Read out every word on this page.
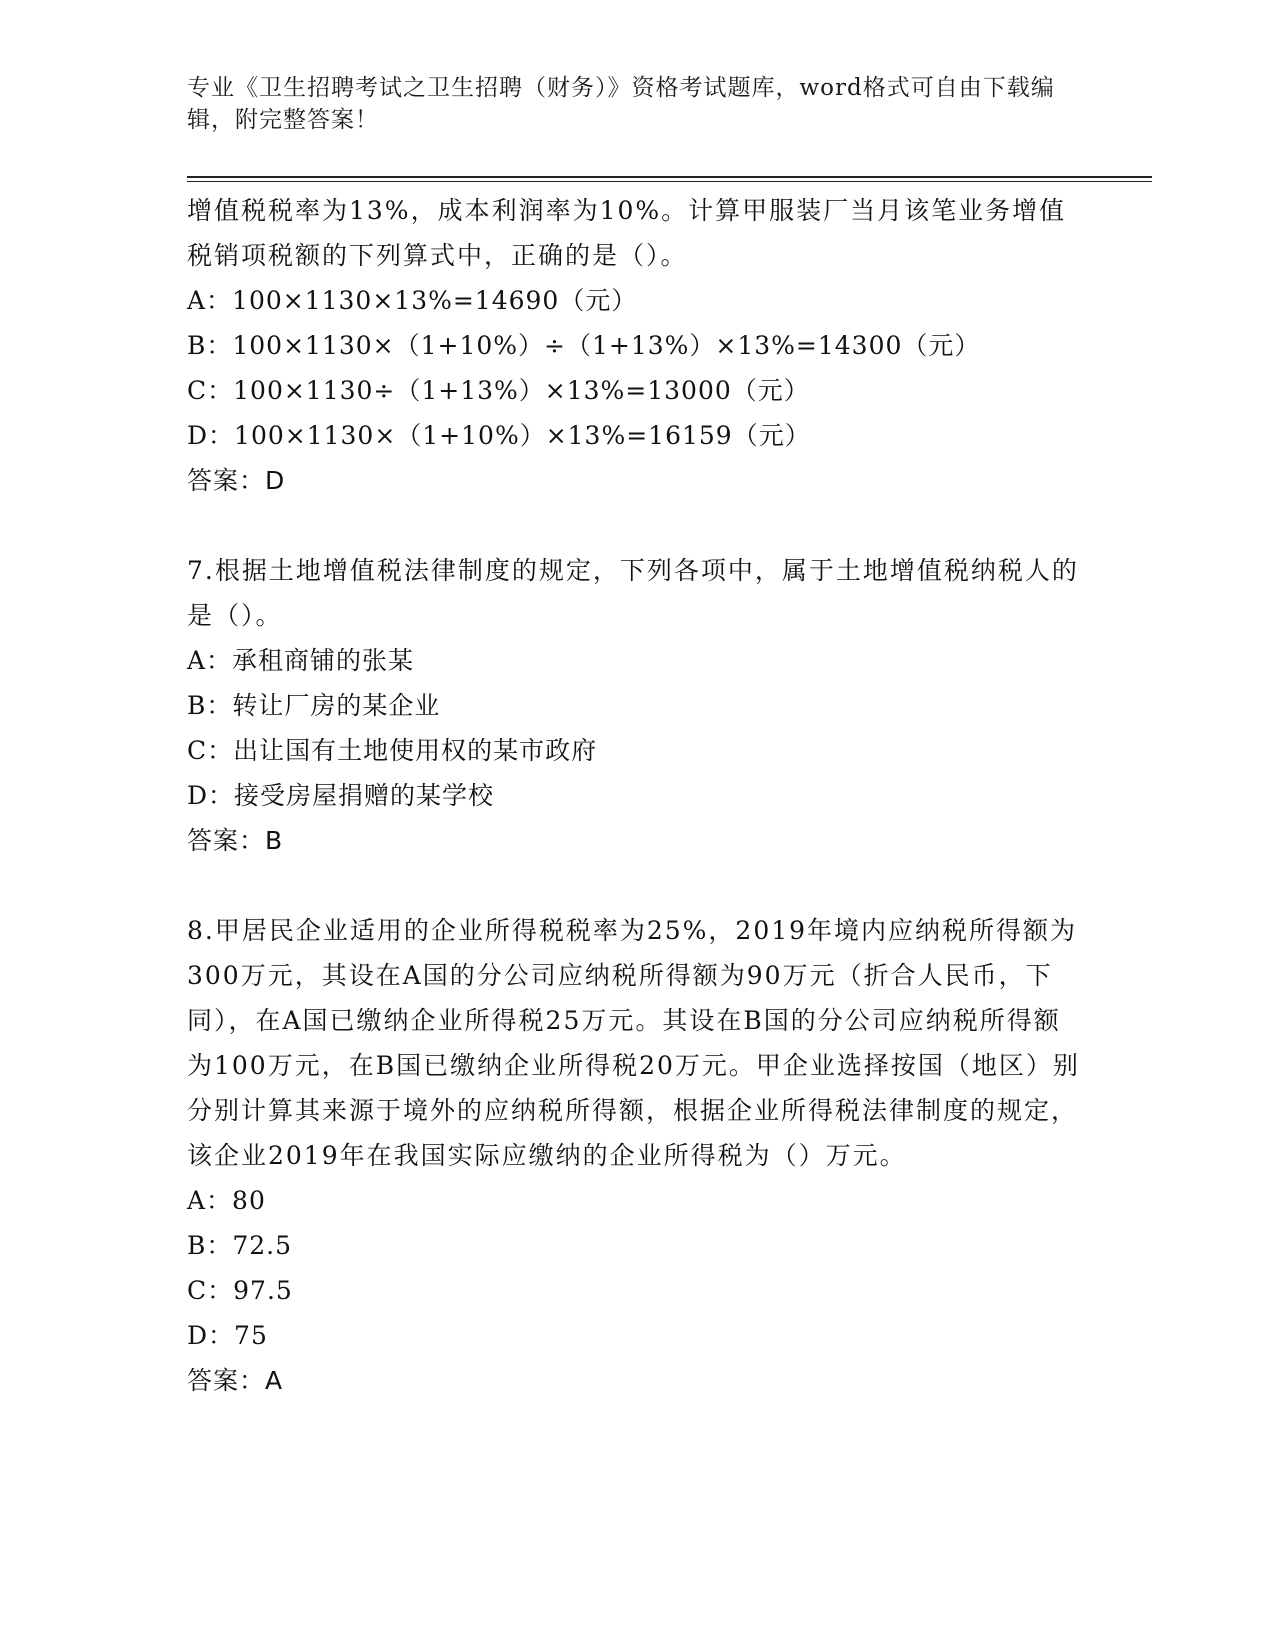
专业《卫生招聘考试之卫生招聘（财务）》资格考试题库，word格式可自由下载编辑，附完整答案！

增值税税率为13%，成本利润率为10%。计算甲服装厂当月该笔业务增值税销项税额的下列算式中，正确的是（）。

A：100×1130×13%=14690（元）

B：100×1130×（1+10%）÷（1+13%）×13%=14300（元）

C：100×1130÷（1+13%）×13%=13000（元）

D：100×1130×（1+10%）×13%=16159（元）

答案：D

7.根据土地增值税法律制度的规定，下列各项中，属于土地增值税纳税人的是（）。

A：承租商铺的张某

B：转让厂房的某企业

C：出让国有土地使用权的某市政府

D：接受房屋捐赠的某学校

答案：B

8.甲居民企业适用的企业所得税税率为25%，2019年境内应纳税所得额为300万元，其设在A国的分公司应纳税所得额为90万元（折合人民币，下同），在A国已缴纳企业所得税25万元。其设在B国的分公司应纳税所得额为100万元，在B国已缴纳企业所得税20万元。甲企业选择按国（地区）别分别计算其来源于境外的应纳税所得额，根据企业所得税法律制度的规定，该企业2019年在我国实际应缴纳的企业所得税为（）万元。

A：80

B：72.5

C：97.5

D：75

答案：A
